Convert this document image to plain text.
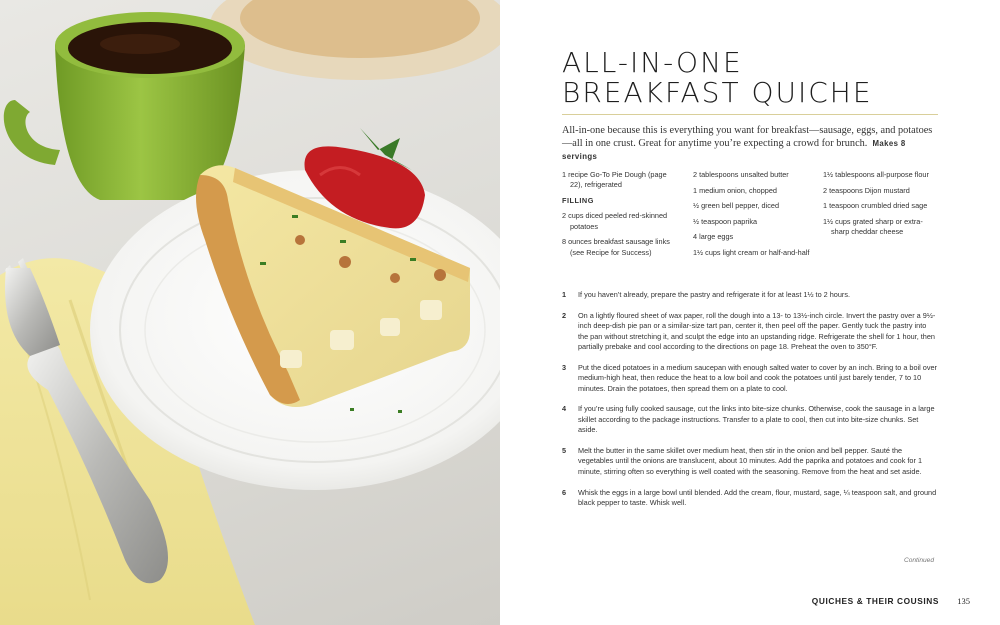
ALL-IN-ONE
BREAKFAST QUICHE

All-in-one because this is everything you want for breakfast—sausage, eggs, and potatoes—all in one crust. Great for anytime you’re expecting a crowd for brunch. Makes 8 servings

1 recipe Go-To Pie Dough (page 22), refrigerated
FILLING
2 cups diced peeled red-skinned potatoes
8 ounces breakfast sausage links (see Recipe for Success)
2 tablespoons unsalted butter
1 medium onion, chopped
½ green bell pepper, diced
½ teaspoon paprika
4 large eggs
1½ cups light cream or half-and-half
1½ tablespoons all-purpose flour
2 teaspoons Dijon mustard
1 teaspoon crumbled dried sage
1½ cups grated sharp or extra-sharp cheddar cheese
1 If you haven’t already, prepare the pastry and refrigerate it for at least 1½ to 2 hours.
2 On a lightly floured sheet of wax paper, roll the dough into a 13- to 13½-inch circle. Invert the pastry over a 9½-inch deep-dish pie pan or a similar-size tart pan, center it, then peel off the paper. Gently tuck the pastry into the pan without stretching it, and sculpt the edge into an upstanding ridge. Refrigerate the shell for 1 hour, then partially prebake and cool according to the directions on page 18. Preheat the oven to 350°F.
3 Put the diced potatoes in a medium saucepan with enough salted water to cover by an inch. Bring to a boil over medium-high heat, then reduce the heat to a low boil and cook the potatoes until just barely tender, 7 to 10 minutes. Drain the potatoes, then spread them on a plate to cool.
4 If you’re using fully cooked sausage, cut the links into bite-size chunks. Otherwise, cook the sausage in a large skillet according to the package instructions. Transfer to a plate to cool, then cut into bite-size chunks. Set aside.
5 Melt the butter in the same skillet over medium heat, then stir in the onion and bell pepper. Sauté the vegetables until the onions are translucent, about 10 minutes. Add the paprika and potatoes and cook for 1 minute, stirring often so everything is well coated with the seasoning. Remove from the heat and set aside.
6 Whisk the eggs in a large bowl until blended. Add the cream, flour, mustard, sage, ¼ teaspoon salt, and ground black pepper to taste. Whisk well.
Continued
QUICHES & THEIR COUSINS 135
